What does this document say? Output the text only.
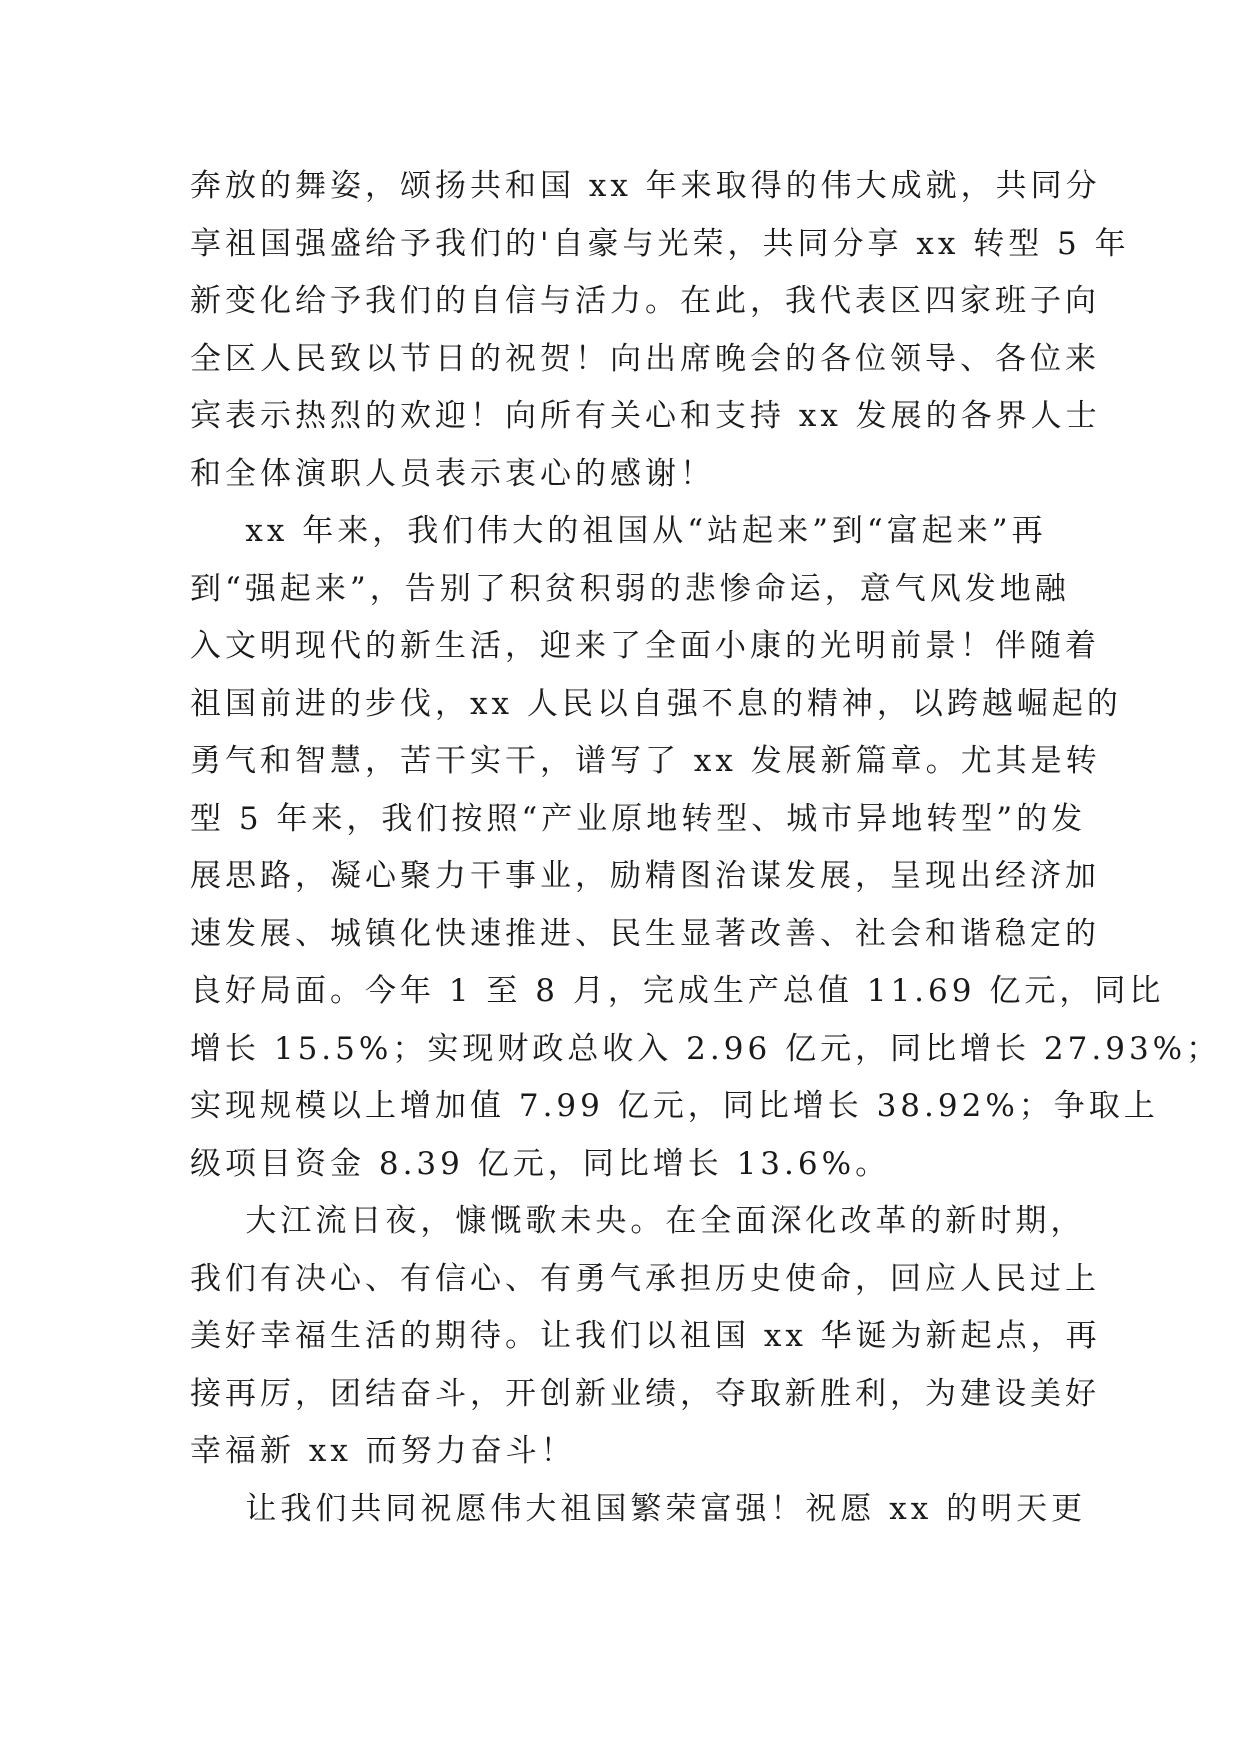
奔放的舞姿，颂扬共和国 xx 年来取得的伟大成就，共同分
享祖国强盛给予我们的'自豪与光荣，共同分享 xx 转型 5 年
新变化给予我们的自信与活力。在此，我代表区四家班子向
全区人民致以节日的祝贺！向出席晚会的各位领导、各位来
宾表示热烈的欢迎！向所有关心和支持 xx 发展的各界人士
和全体演职人员表示衷心的感谢！
xx 年来，我们伟大的祖国从“站起来”到“富起来”再
到“强起来”，告别了积贫积弱的悲惨命运，意气风发地融
入文明现代的新生活，迎来了全面小康的光明前景！伴随着
祖国前进的步伐，xx 人民以自强不息的精神，以跨越崛起的
勇气和智慧，苦干实干，谱写了 xx 发展新篇章。尤其是转
型 5 年来，我们按照“产业原地转型、城市异地转型”的发
展思路，凝心聚力干事业，励精图治谋发展，呈现出经济加
速发展、城镇化快速推进、民生显著改善、社会和谐稳定的
良好局面。今年 1 至 8 月，完成生产总值 11.69 亿元，同比
增长 15.5%；实现财政总收入 2.96 亿元，同比增长 27.93%；
实现规模以上增加值 7.99 亿元，同比增长 38.92%；争取上
级项目资金 8.39 亿元，同比增长 13.6%。
大江流日夜，慷慨歌未央。在全面深化改革的新时期，
我们有决心、有信心、有勇气承担历史使命，回应人民过上
美好幸福生活的期待。让我们以祖国 xx 华诞为新起点，再
接再厉，团结奋斗，开创新业绩，夺取新胜利，为建设美好
幸福新 xx 而努力奋斗！
让我们共同祝愿伟大祖国繁荣富强！祝愿 xx 的明天更
